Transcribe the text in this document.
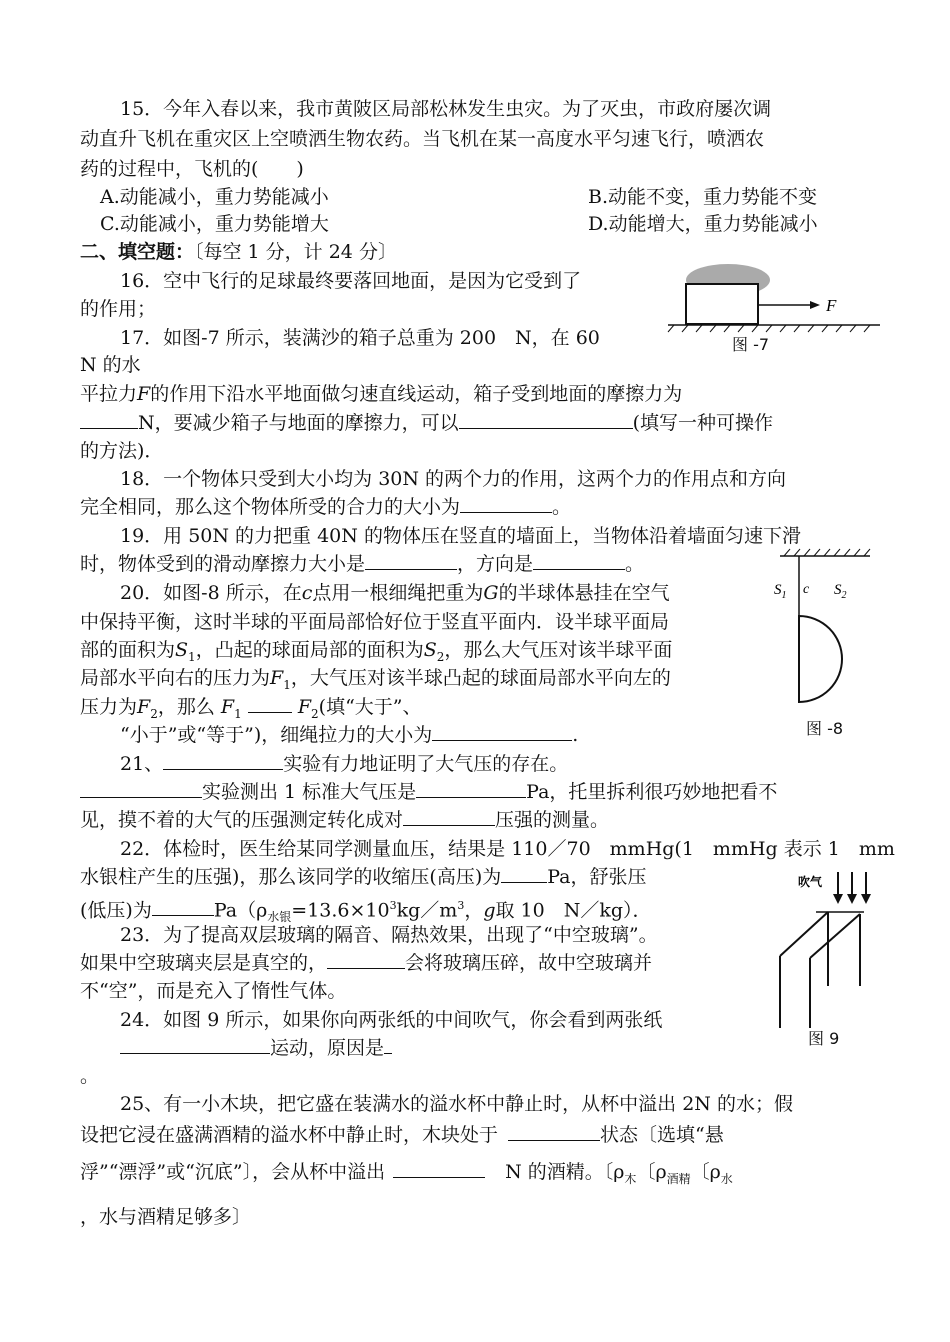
15．今年入春以来，我市黄陂区局部松林发生虫灾。为了灭虫，市政府屡次调
动直升飞机在重灾区上空喷洒生物农药。当飞机在某一高度水平匀速飞行，喷洒农
药的过程中，飞机的(　　)
A.动能减小，重力势能减小	B.动能不变，重力势能不变
C.动能减小，重力势能增大	D.动能增大，重力势能减小
二、填空题：〔每空 1 分，计 24 分〕
16．空中飞行的足球最终要落回地面，是因为它受到了
的作用；
17．如图-7 所示，装满沙的箱子总重为 200　N，在 60
N 的水
平拉力F的作用下沿水平地面做匀速直线运动，箱子受到地面的摩擦力为
N，要减少箱子与地面的摩擦力，可以	(填写一种可操作
的方法)．
18．一个物体只受到大小均为 30N 的两个力的作用，这两个力的作用点和方向
完全相同，那么这个物体所受的合力的大小为	。
19．用 50N 的力把重 40N 的物体压在竖直的墙面上，当物体沿着墙面匀速下滑
时，物体受到的滑动摩擦力大小是	，方向是	。
20．如图-8 所示，在c点用一根细绳把重为G的半球体悬挂在空气
中保持平衡，这时半球的平面局部恰好位于竖直平面内．设半球平面局
部的面积为$S_1$，凸起的球面局部的面积为$S_2$，那么大气压对该半球平面
局部水平向右的压力为$F_1$，大气压对该半球凸起的球面局部水平向左的
压力为$F_2$，那么 $F_1$	$F_2$(填“大于”、
“小于”或“等于”)，细绳拉力的大小为	.
21、	实验有力地证明了大气压的存在。
实验测出 1 标准大气压是	Pa，托里拆利很巧妙地把看不
见，摸不着的大气的压强测定转化成对	压强的测量。
22．体检时，医生给某同学测量血压，结果是 110／70　mmHg(1　mmHg 表示 1　mm
水银柱产生的压强)，那么该同学的收缩压(高压)为 Pa，舒张压
(低压)为	$Pa(\rho_{水银}=13.6\times 10^3kg/m^3$，g取 10　N／kg）．
23．为了提高双层玻璃的隔音、隔热效果，出现了“中空玻璃”。
如果中空玻璃夹层是真空的，	会将玻璃压碎，故中空玻璃并
不“空”，而是充入了惰性气体。
24．如图 9 所示，如果你向两张纸的中间吹气，你会看到两张纸
运动，原因是
。
25、有一小木块，把它盛在装满水的溢水杯中静止时，从杯中溢出 2N 的水；假
设把它浸在盛满酒精的溢水杯中静止时，木块处于	状态〔选填“悬
浮”“漂浮”或“沉底”〕，会从杯中溢出	N 的酒精。〔$\rho_木$〔$\rho_{酒精}$〔$\rho_水$
，水与酒精足够多〕
F
图 -7
c
$S_1$	$S_2$
图 -8
吹气
图 9
